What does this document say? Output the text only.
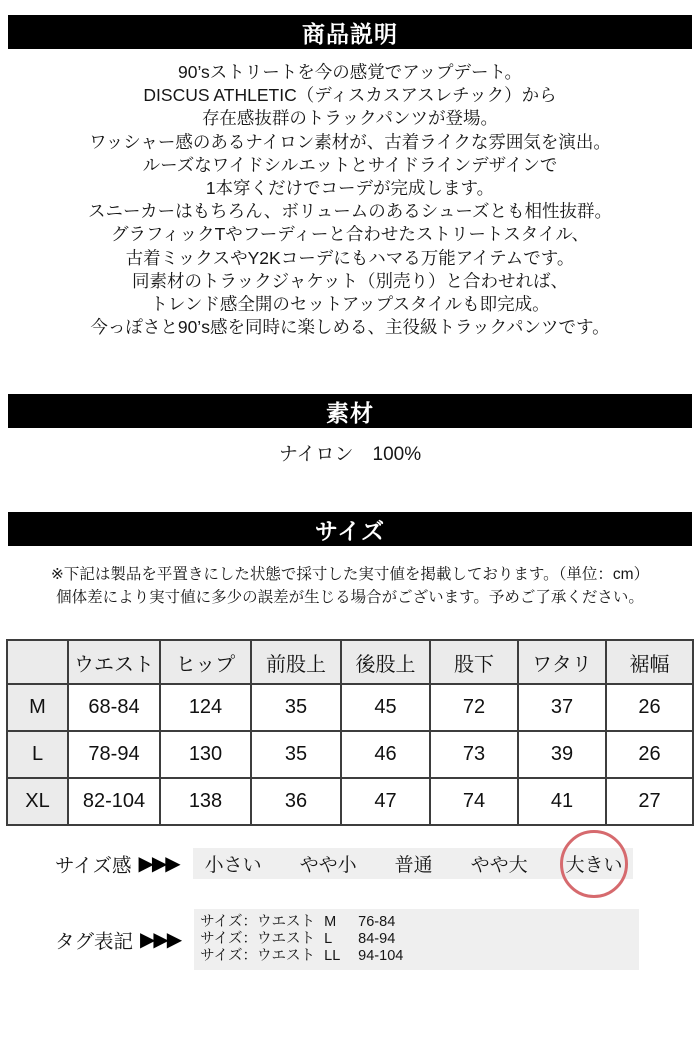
商品説明
90’sストリートを今の感覚でアップデート。
DISCUS ATHLETIC（ディスカスアスレチック）から
存在感抜群のトラックパンツが登場。
ワッシャー感のあるナイロン素材が、古着ライクな雰囲気を演出。
ルーズなワイドシルエットとサイドラインデザインで
1本穿くだけでコーデが完成します。
スニーカーはもちろん、ボリュームのあるシューズとも相性抜群。
グラフィックTやフーディーと合わせたストリートスタイル、
古着ミックスやY2Kコーデにもハマる万能アイテムです。
同素材のトラックジャケット（別売り）と合わせれば、
トレンド感全開のセットアップスタイルも即完成。
今っぽさと90’s感を同時に楽しめる、主役級トラックパンツです。
素材
ナイロン　100%
サイズ
※下記は製品を平置きにした状態で採寸した実寸値を掲載しております。（単位：cm）
個体差により実寸値に多少の誤差が生じる場合がございます。予めご了承ください。
	ウエスト	ヒップ	前股上	後股上	股下	ワタリ	裾幅
M	68-84	124	35	45	72	37	26
L	78-94	130	35	46	73	39	26
XL	82-104	138	36	47	74	41	27
サイズ感 ▶▶▶ 小さい やや小 普通 やや大 大きい
タグ表記 ▶▶▶
サイズ：ウエスト M	76-84
サイズ：ウエスト L	84-94
サイズ：ウエスト LL	94-104
